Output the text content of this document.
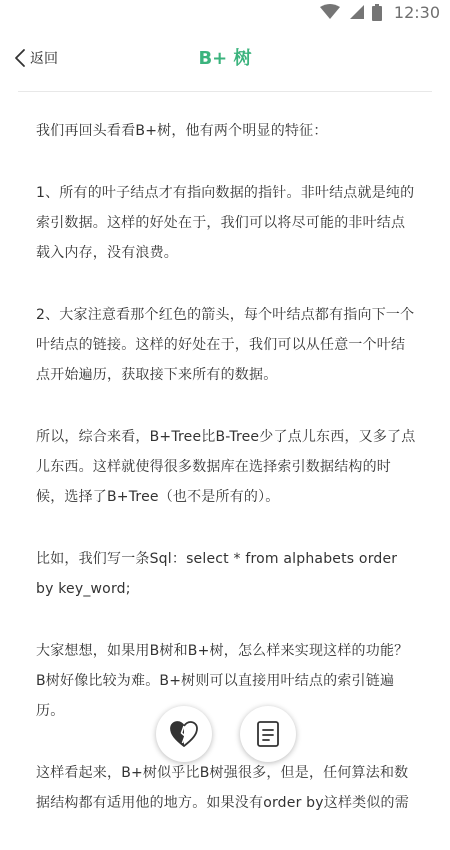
12:30
返回	B+ 树

我们再回头看看B+树，他有两个明显的特征：

1、所有的叶子结点才有指向数据的指针。非叶结点就是纯的索引数据。这样的好处在于，我们可以将尽可能的非叶结点载入内存，没有浪费。

2、大家注意看那个红色的箭头，每个叶结点都有指向下一个叶结点的链接。这样的好处在于，我们可以从任意一个叶结点开始遍历，获取接下来所有的数据。

所以，综合来看，B+Tree比B-Tree少了点儿东西，又多了点儿东西。这样就使得很多数据库在选择索引数据结构的时候，选择了B+Tree（也不是所有的）。

比如，我们写一条Sql：select * from alphabets order by key_word;

大家想想，如果用B树和B+树，怎么样来实现这样的功能？B树好像比较为难。B+树则可以直接用叶结点的索引链遍历。

这样看起来，B+树似乎比B树强很多，但是，任何算法和数据结构都有适用他的地方。如果没有order by这样类似的需
